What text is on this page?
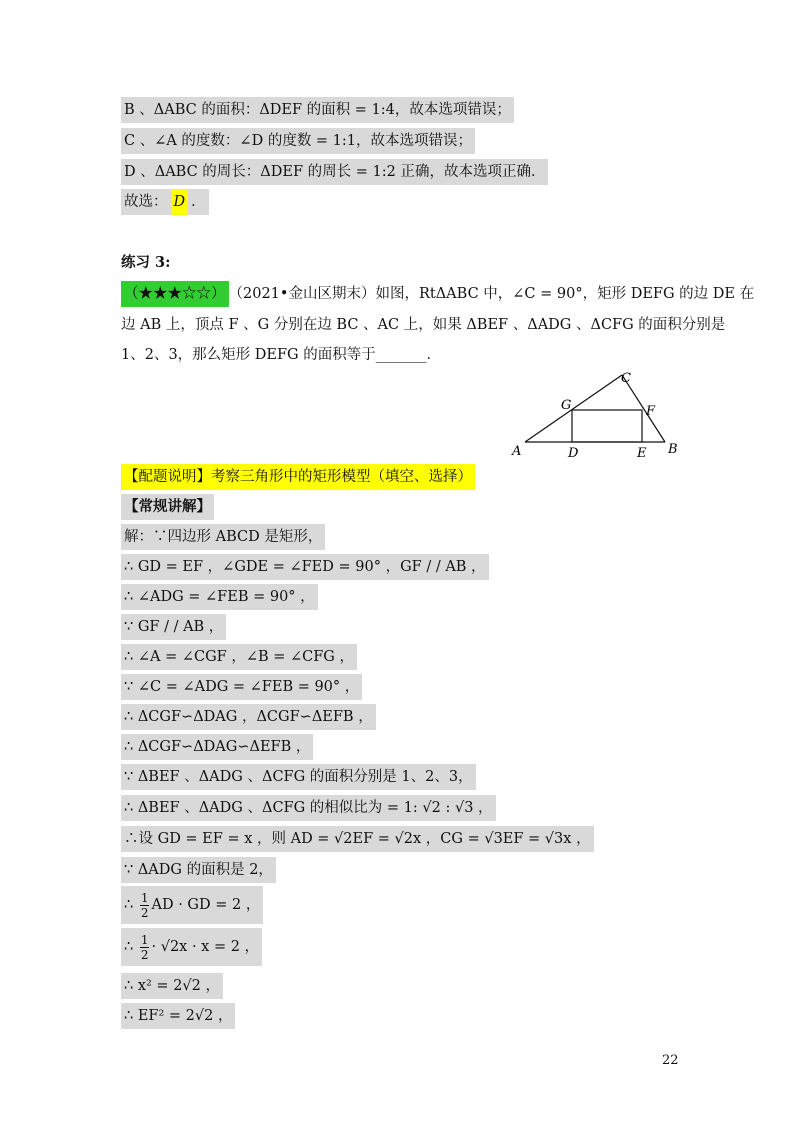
B 、ΔABC 的面积：ΔDEF 的面积 = 1:4，故本选项错误；
C 、∠A 的度数：∠D 的度数 = 1:1，故本选项错误；
D 、ΔABC 的周长：ΔDEF 的周长 = 1:2 正确，故本选项正确．
故选： D ．
练习 3:
（★★★☆☆） （2021•金山区期末）如图，RtΔABC 中，∠C = 90°，矩形 DEFG 的边 DE 在
边 AB 上，顶点 F 、G 分别在边 BC 、AC 上，如果 ΔBEF 、ΔADG 、ΔCFG 的面积分别是
1、2、3，那么矩形 DEFG 的面积等于_______．
A	B
C
D	E
F
G
【配题说明】考察三角形中的矩形模型（填空、选择）
【常规讲解】
解：∵四边形 ABCD 是矩形，
∴ GD = EF ，∠GDE = ∠FED = 90° ，GF / / AB ，
∴ ∠ADG = ∠FEB = 90° ，
∵ GF / / AB ，
∴ ∠A = ∠CGF ，∠B = ∠CFG ，
∵ ∠C = ∠ADG = ∠FEB = 90° ，
∴ ΔCGF∽ΔDAG ，ΔCGF∽ΔEFB ，
∴ ΔCGF∽ΔDAG∽ΔEFB ，
∵ ΔBEF 、ΔADG 、ΔCFG 的面积分别是 1、2、3，
∴ ΔBEF 、ΔADG 、ΔCFG 的相似比为 = 1: √2 : √3 ，
∴设 GD = EF = x ，则 AD = √2EF = √2x ，CG = √3EF = √3x ，
∵ ΔADG 的面积是 2，
∴ $\frac{1}{2}$ AD · GD = 2 ，
∴ $\frac{1}{2} \cdot √2x \cdot x = 2$ ，
∴ x² = 2√2 ，
∴ EF² = 2√2 ，
22
